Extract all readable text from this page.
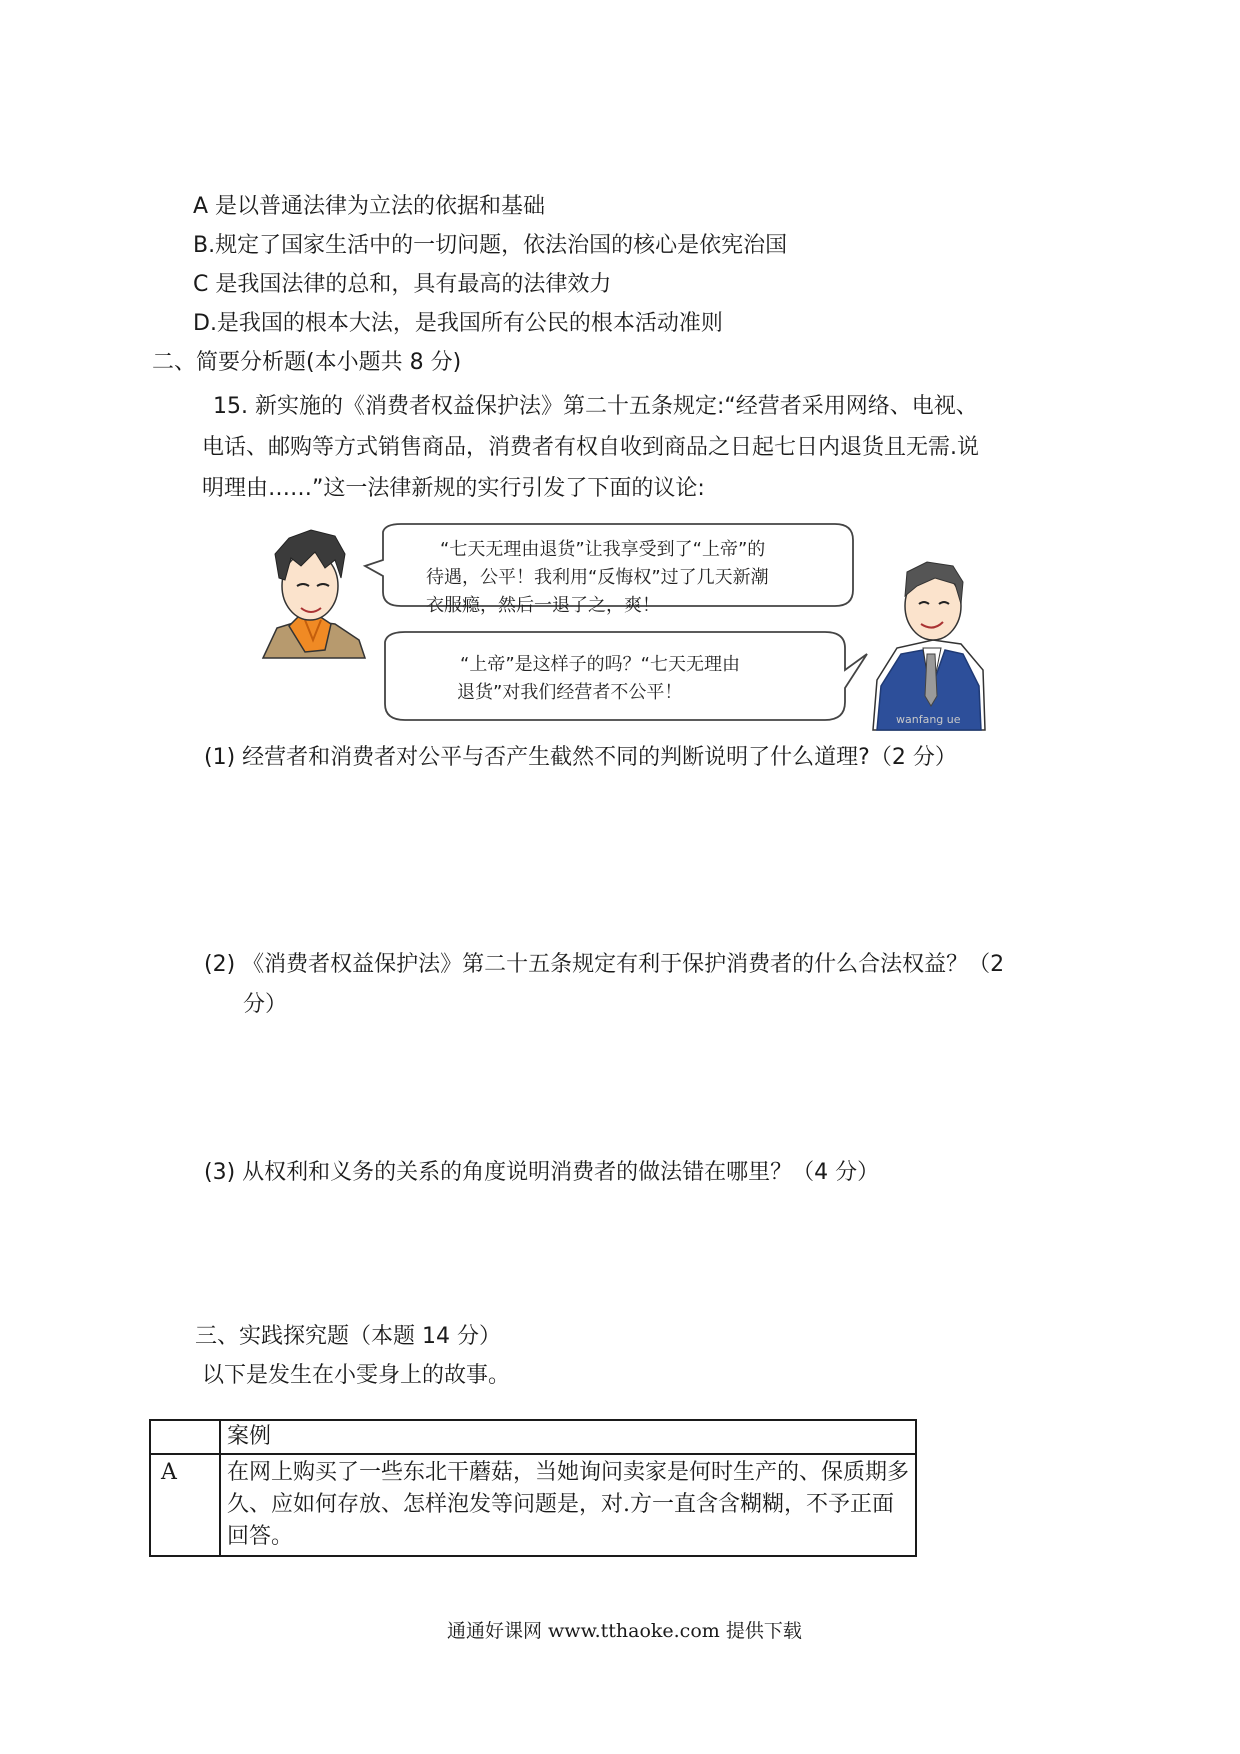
A 是以普通法律为立法的依据和基础
B.规定了国家生活中的一切问题，依法治国的核心是依宪治国
C 是我国法律的总和，具有最高的法律效力
D.是我国的根本大法，是我国所有公民的根本活动准则
二、简要分析题(本小题共 8 分)
15. 新实施的《消费者权益保护法》第二十五条规定:“经营者采用网络、电视、
电话、邮购等方式销售商品，消费者有权自收到商品之日起七日内退货且无需.说
明理由……”这一法律新规的实行引发了下面的议论:
“七天无理由退货”让我享受到了“上帝”的
待遇，公平！我利用“反悔权”过了几天新潮
衣服瘾，然后一退了之，爽！
“上帝”是这样子的吗？“七天无理由
退货”对我们经营者不公平！
wanfang ue
(1) 经营者和消费者对公平与否产生截然不同的判断说明了什么道理?（2 分）
(2) 《消费者权益保护法》第二十五条规定有利于保护消费者的什么合法权益？（2
分）
(3) 从权利和义务的关系的角度说明消费者的做法错在哪里？（4 分）
三、实践探究题（本题 14 分）
以下是发生在小雯身上的故事。
	案例
A	在网上购买了一些东北干蘑菇，当她询问卖家是何时生产的、保质期多久、应如何存放、怎样泡发等问题是，对.方一直含含糊糊，不予正面回答。
通通好课网 www.tthaoke.com 提供下载
